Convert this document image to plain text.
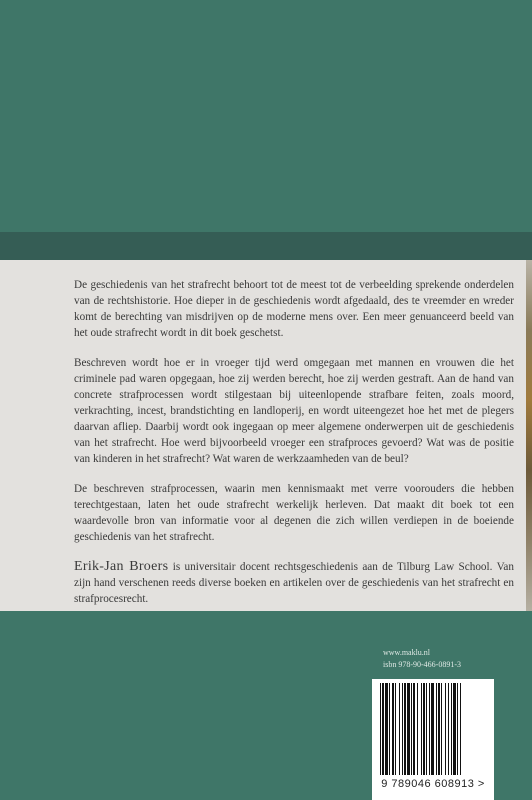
De geschiedenis van het strafrecht behoort tot de meest tot de verbeelding sprekende onderdelen van de rechtshistorie. Hoe dieper in de geschiedenis wordt afgedaald, des te vreemder en wreder komt de berechting van misdrijven op de moderne mens over. Een meer genuanceerd beeld van het oude strafrecht wordt in dit boek geschetst.

Beschreven wordt hoe er in vroeger tijd werd omgegaan met mannen en vrouwen die het criminele pad waren opgegaan, hoe zij werden berecht, hoe zij werden gestraft. Aan de hand van concrete strafprocessen wordt stilgestaan bij uiteenlopende strafbare feiten, zoals moord, verkrachting, incest, brandstichting en landloperij, en wordt uiteengezet hoe het met de plegers daarvan afliep. Daarbij wordt ook ingegaan op meer algemene onderwerpen uit de geschiedenis van het strafrecht. Hoe werd bijvoorbeeld vroeger een strafproces gevoerd? Wat was de positie van kinderen in het strafrecht? Wat waren de werkzaamheden van de beul?

De beschreven strafprocessen, waarin men kennismaakt met verre voorouders die hebben terechtgestaan, laten het oude strafrecht werkelijk herleven. Dat maakt dit boek tot een waardevolle bron van informatie voor al degenen die zich willen verdiepen in de boeiende geschiedenis van het strafrecht.

Erik-Jan Broers is universitair docent rechtsgeschiedenis aan de Tilburg Law School. Van zijn hand verschenen reeds diverse boeken en artikelen over de geschiedenis van het strafrecht en strafprocesrecht.

www.maklu.nl
isbn 978-90-466-0891-3
9 789046 608913 >
